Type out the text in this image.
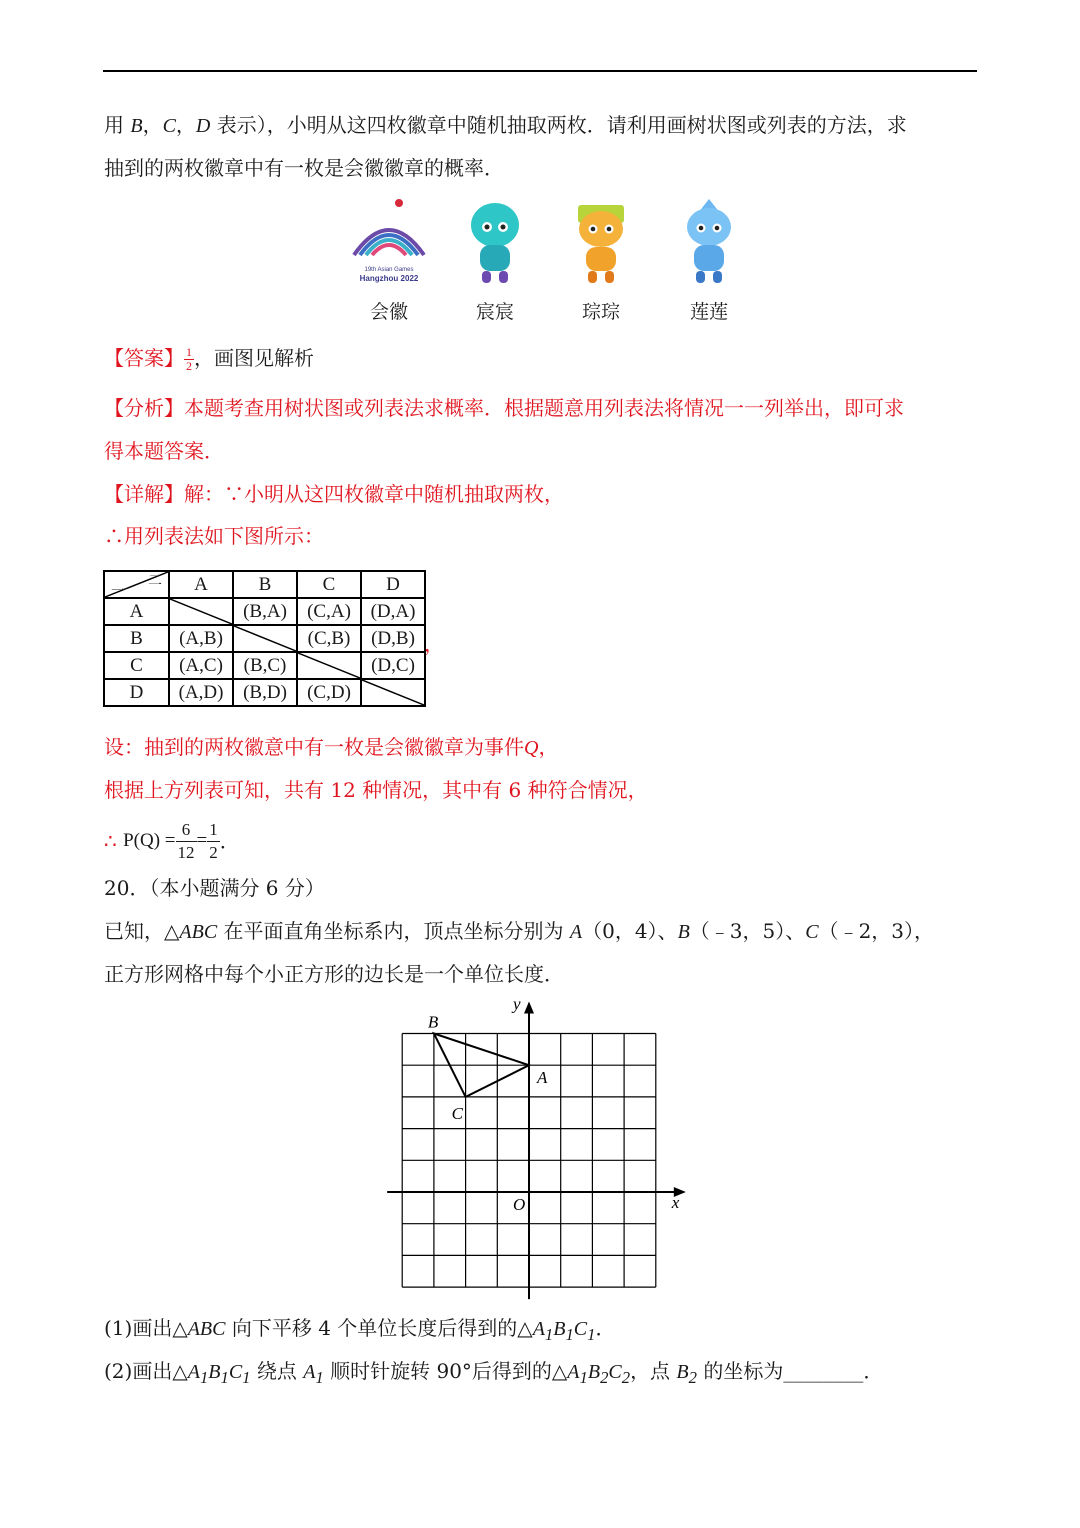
用 B，C，D 表示），小明从这四枚徽章中随机抽取两枚．请利用画树状图或列表的方法，求
抽到的两枚徽章中有一枚是会徽徽章的概率．
19th Asian Games
Hangzhou 2022
会徽	宸宸	琮琮	莲莲
【答案】 $\frac{1}{2}$ ，画图见解析
【分析】本题考查用树状图或列表法求概率．根据题意用列表法将情况一一列举出，即可求
得本题答案．
【详解】解：∵小明从这四枚徽章中随机抽取两枚，
∴用列表法如下图所示：
二
一	A	B	C	D
A		(B,A)	(C,A)	(D,A)
B	(A,B)		(C,B)	(D,B)
C	(A,C)	(B,C)		(D,C)
D	(A,D)	(B,D)	(C,D)	
，
设：抽到的两枚徽意中有一枚是会徽徽章为事件Q，
根据上方列表可知，共有 12 种情况，其中有 6 种符合情况，
∴
$P(Q) = \frac{6}{12} = \frac{1}{2}$ ．
20．（本小题满分 6 分）
已知，△ABC 在平面直角坐标系内，顶点坐标分别为 A（0，4）、B（﹣3，5）、C（﹣2，3），
正方形网格中每个小正方形的边长是一个单位长度．
x
y
O
A
B
C
(1)画出△ABC 向下平移 4 个单位长度后得到的$\triangle A_1B_1C_1$．
(2)画出$\triangle A_1B_1C_1$ 绕点 $A_1$ 顺时针旋转 90°后得到的$\triangle A_1B_2C_2$，点 $B_2$ 的坐标为________．
